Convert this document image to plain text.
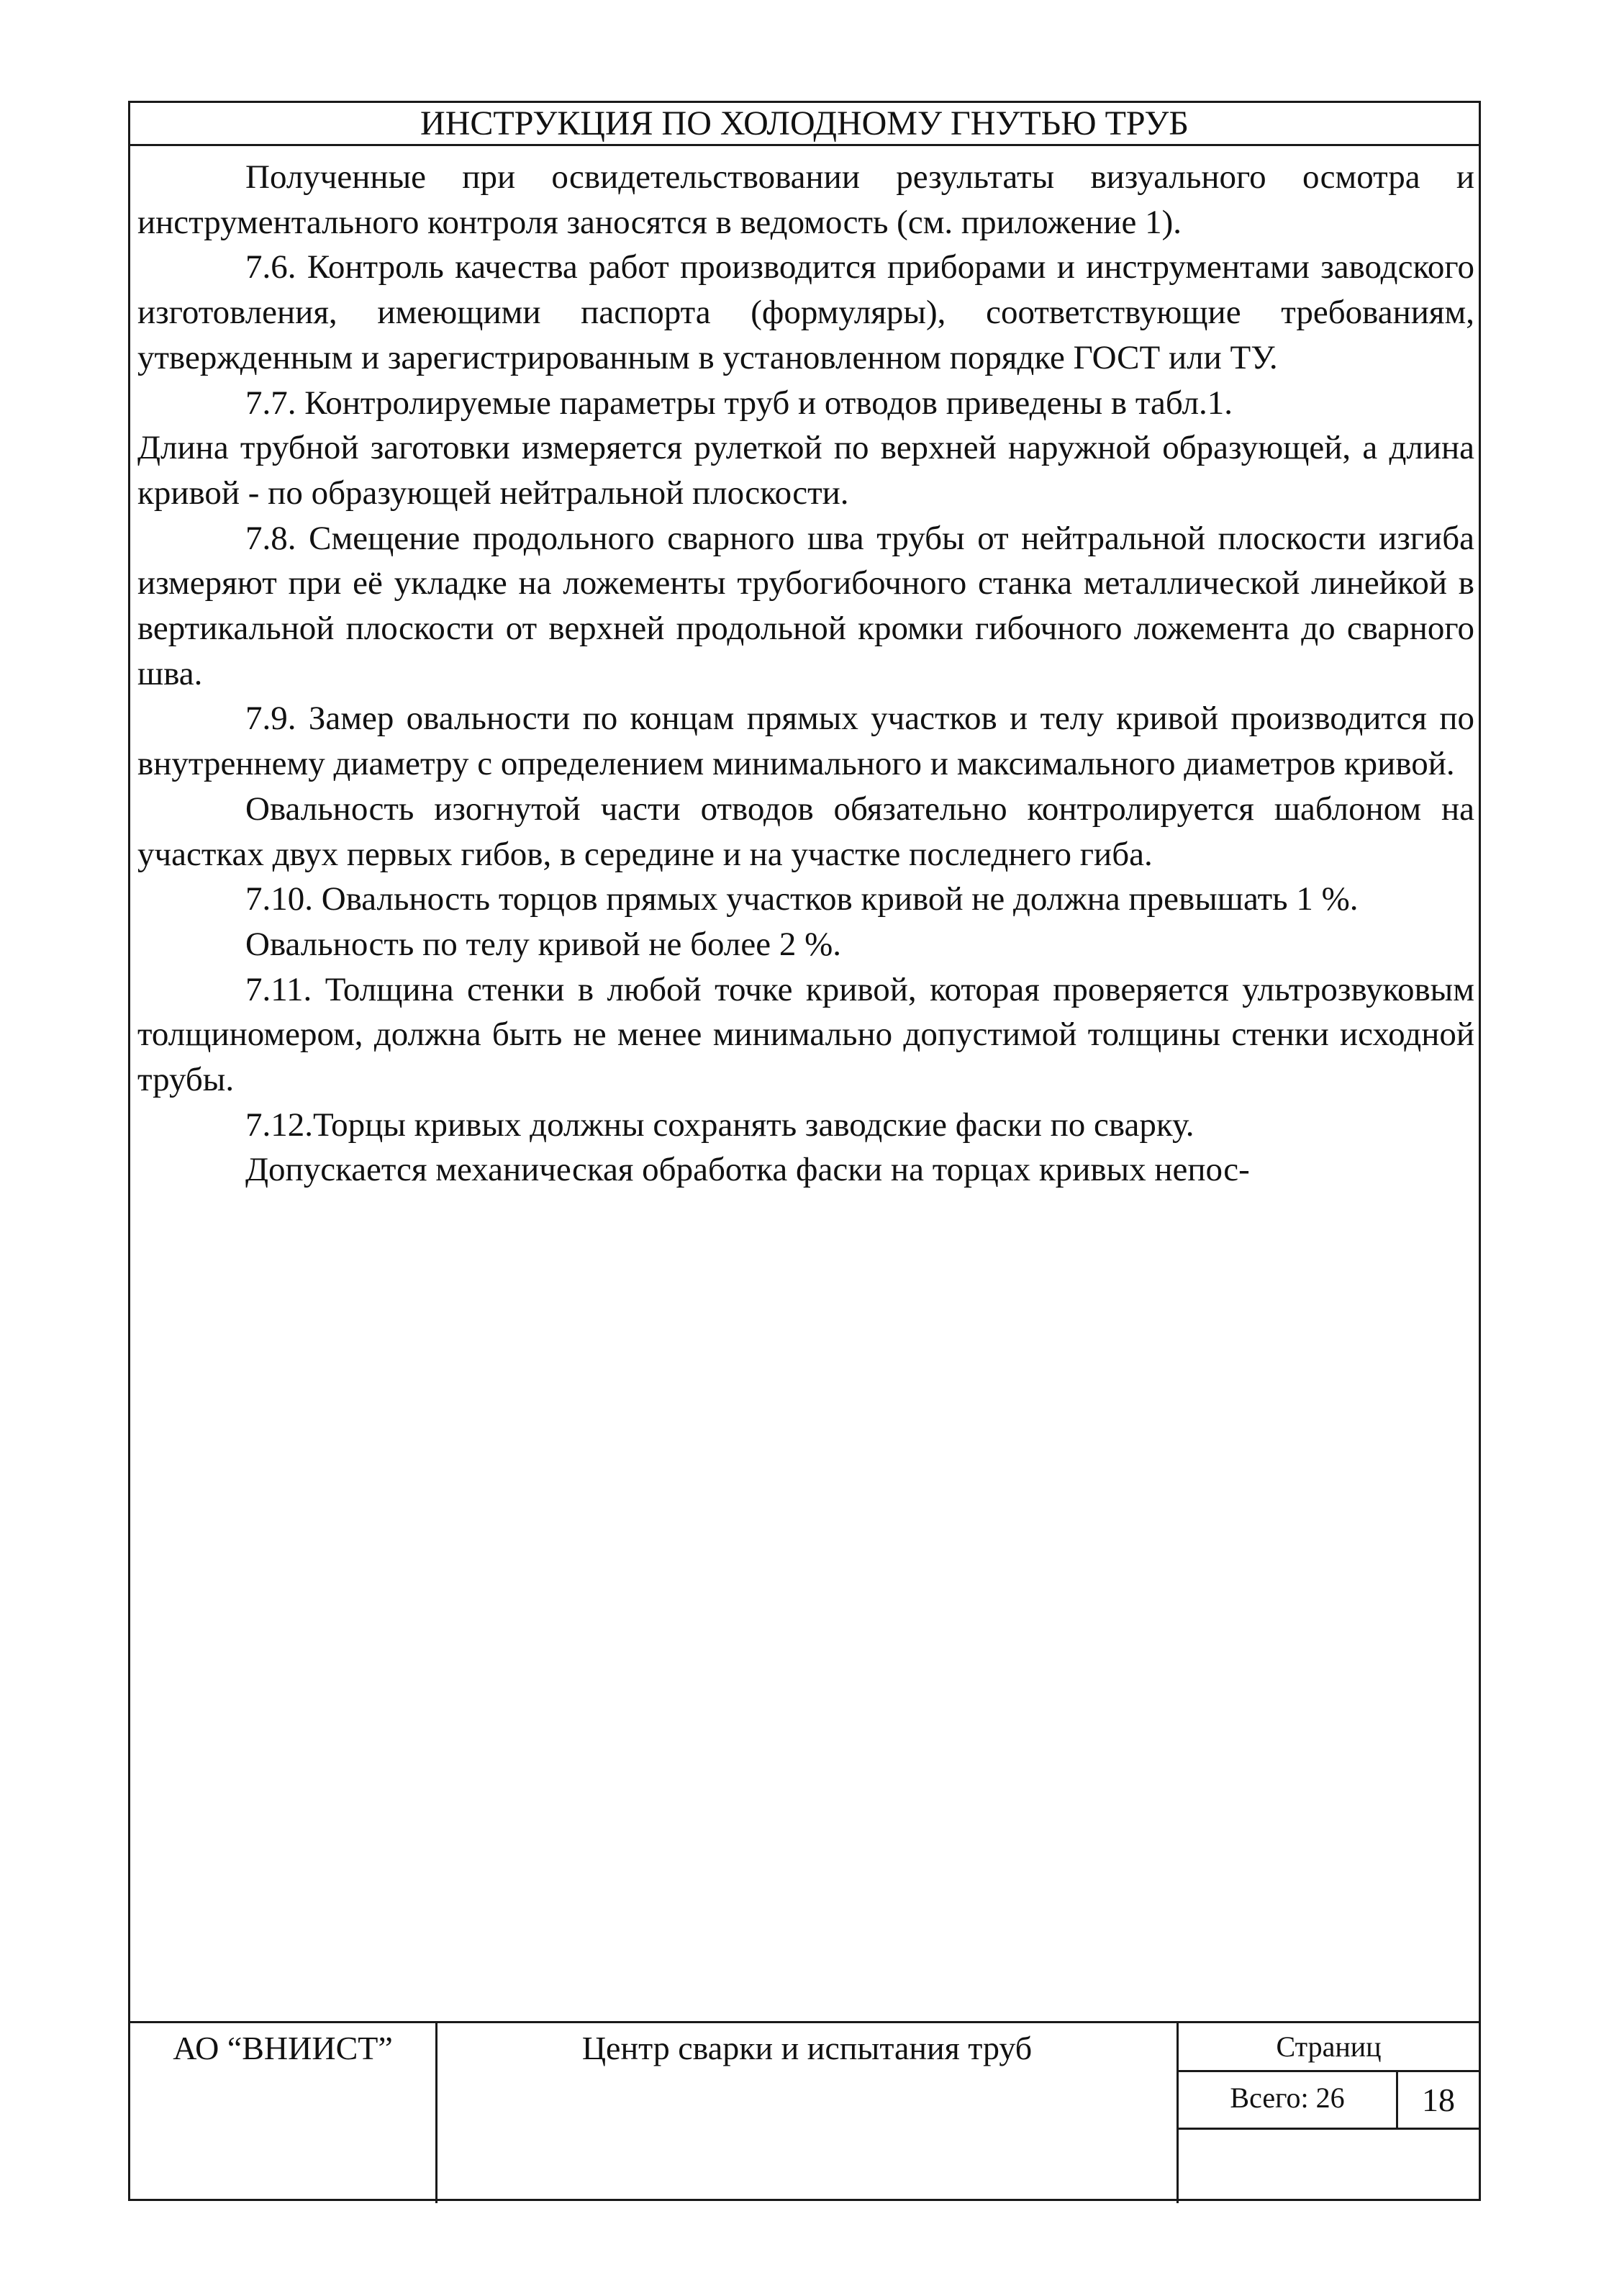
ИНСТРУКЦИЯ ПО ХОЛОДНОМУ ГНУТЬЮ ТРУБ

Полученные при освидетельствовании результаты визуального осмотра и инструментального контроля заносятся в ведомость (см. приложение 1).

7.6. Контроль качества работ производится приборами и инструментами заводского изготовления, имеющими паспорта (формуляры), соответствующие требованиям, утвержденным и зарегистрированным в установленном порядке ГОСТ или ТУ.

7.7. Контролируемые параметры труб и отводов приведены в табл.1.

Длина трубной заготовки измеряется рулеткой по верхней наружной образующей, а длина кривой - по образующей нейтральной плоскости.

7.8. Смещение продольного сварного шва трубы от нейтральной плоскости изгиба измеряют при её укладке на ложементы трубогибочного станка металлической линейкой в вертикальной плоскости от верхней продольной кромки гибочного ложемента до сварного шва.

7.9. Замер овальности по концам прямых участков и телу кривой производится по внутреннему диаметру с определением минимального и максимального диаметров кривой.

Овальность изогнутой части отводов обязательно контролируется шаблоном на участках двух первых гибов, в середине и на участке последнего гиба.

7.10. Овальность торцов прямых участков кривой не должна превышать 1 %.

Овальность по телу кривой не более 2 %.

7.11. Толщина стенки в любой точке кривой, которая проверяется ультрозвуковым толщиномером, должна быть не менее минимально допустимой толщины стенки исходной трубы.

7.12.Торцы кривых должны сохранять заводские фаски по сварку.

Допускается механическая обработка фаски на торцах кривых непос-

АО “ВНИИСТ”	Центр сварки и испытания труб	Страниц
Всего: 26	18
